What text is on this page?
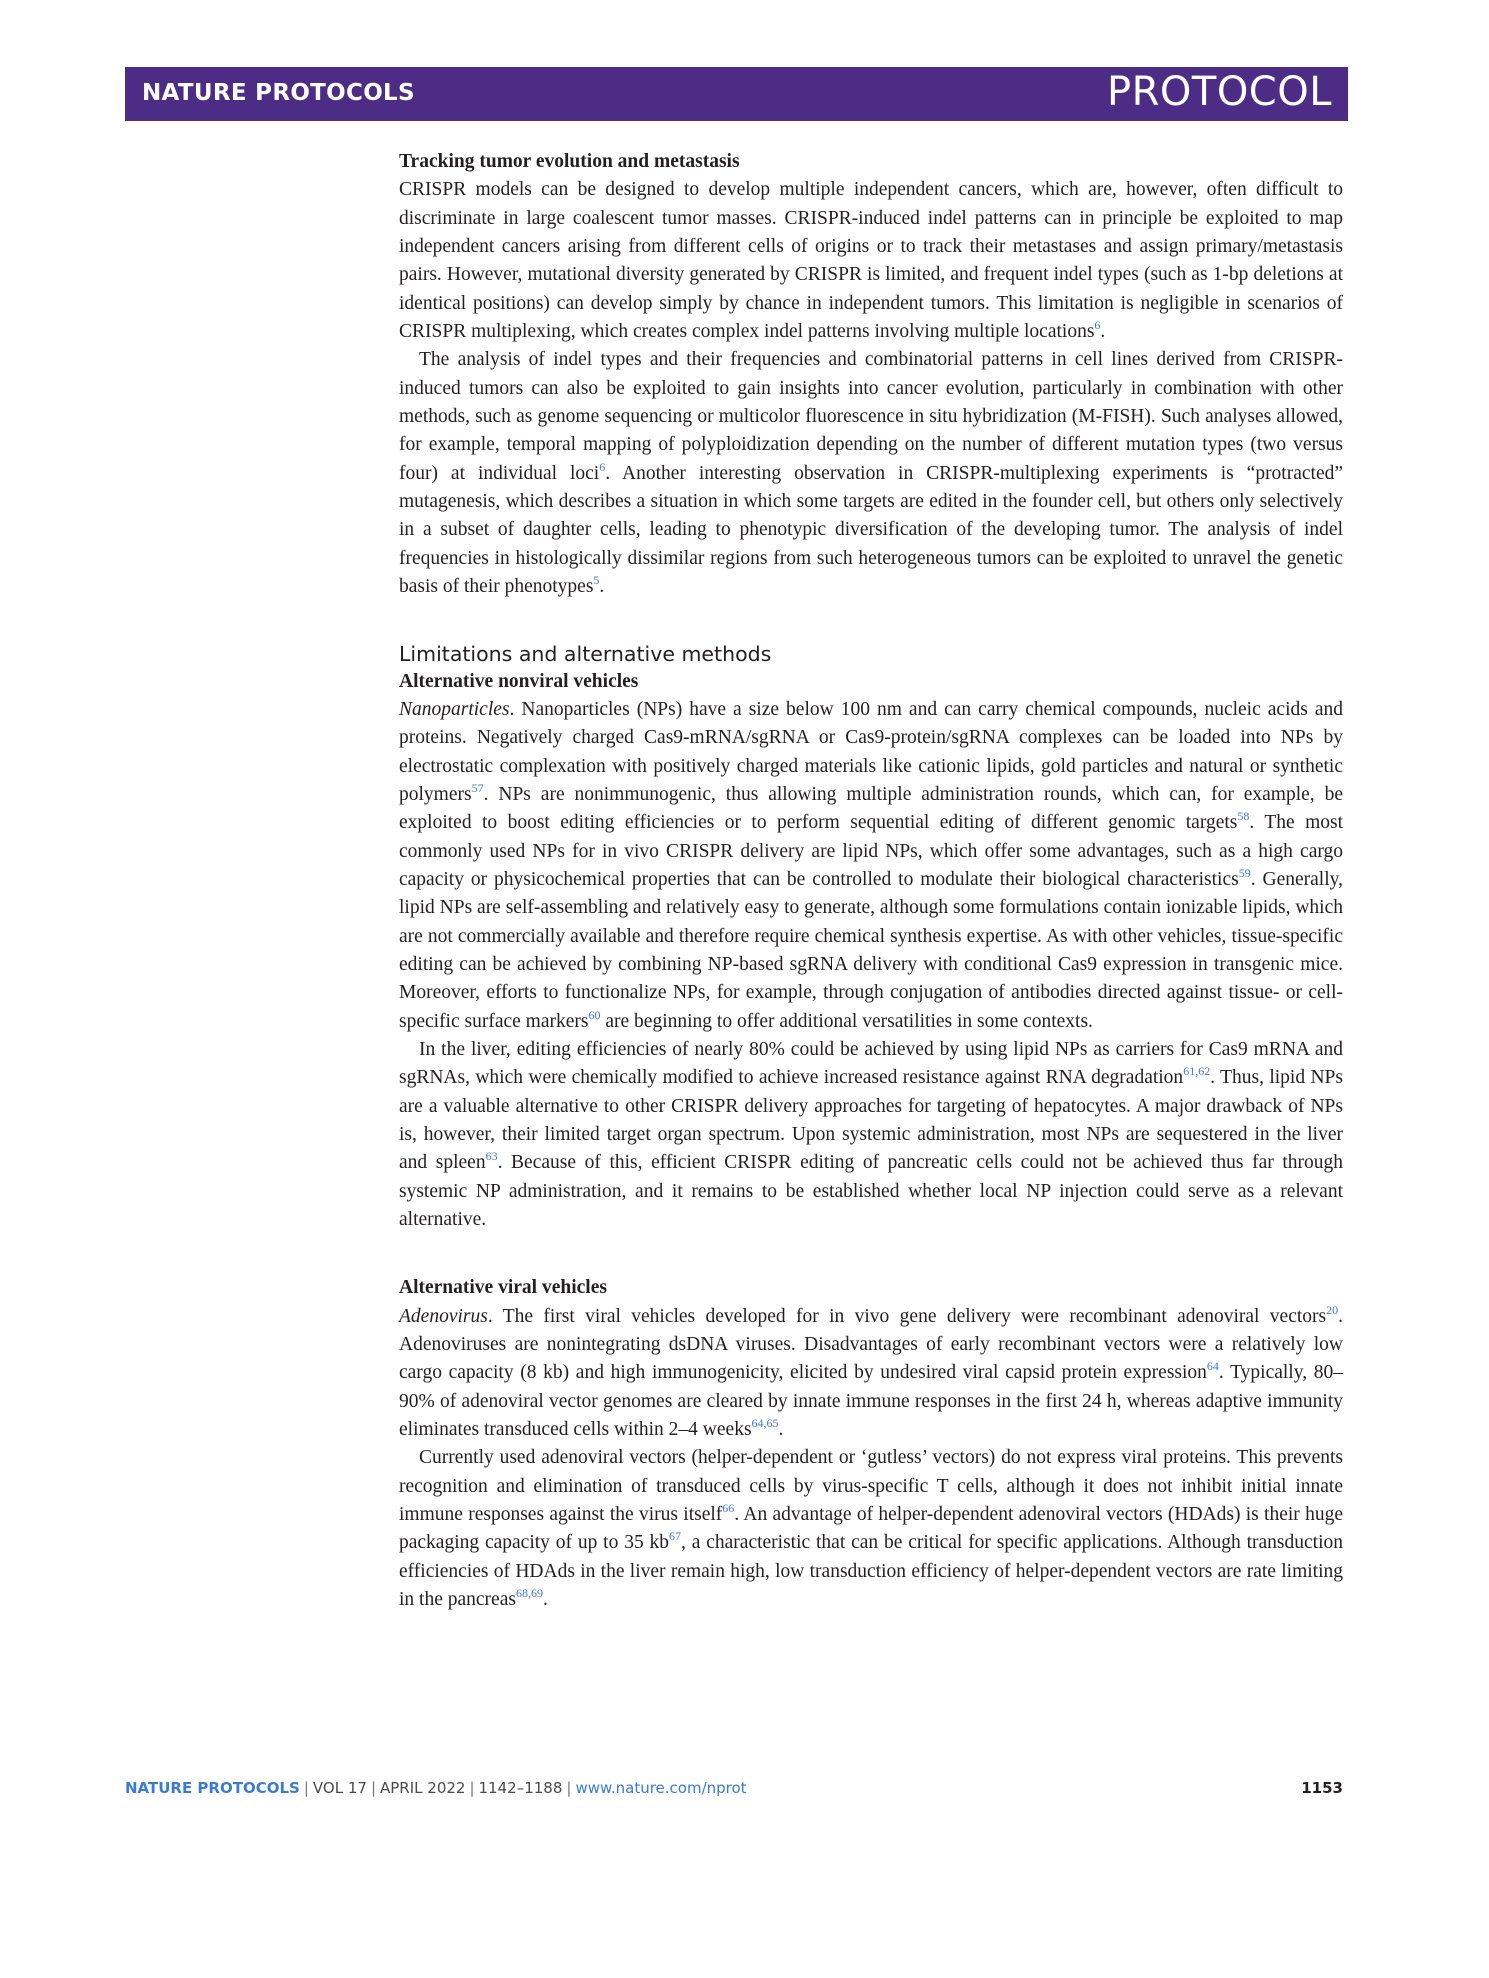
NATURE PROTOCOLS	PROTOCOL

Tracking tumor evolution and metastasis

CRISPR models can be designed to develop multiple independent cancers, which are, however, often difficult to discriminate in large coalescent tumor masses. CRISPR-induced indel patterns can in principle be exploited to map independent cancers arising from different cells of origins or to track their metastases and assign primary/metastasis pairs. However, mutational diversity generated by CRISPR is limited, and frequent indel types (such as 1-bp deletions at identical positions) can develop simply by chance in independent tumors. This limitation is negligible in scenarios of CRISPR multiplexing, which creates complex indel patterns involving multiple locations$^6$.

The analysis of indel types and their frequencies and combinatorial patterns in cell lines derived from CRISPR-induced tumors can also be exploited to gain insights into cancer evolution, particularly in combination with other methods, such as genome sequencing or multicolor fluorescence in situ hybridization (M-FISH). Such analyses allowed, for example, temporal mapping of polyploidization depending on the number of different mutation types (two versus four) at individual loci$^6$. Another interesting observation in CRISPR-multiplexing experiments is “protracted” mutagenesis, which describes a situation in which some targets are edited in the founder cell, but others only selectively in a subset of daughter cells, leading to phenotypic diversification of the developing tumor. The analysis of indel frequencies in histologically dissimilar regions from such heterogeneous tumors can be exploited to unravel the genetic basis of their phenotypes$^5$.

Limitations and alternative methods

Alternative nonviral vehicles

Nanoparticles. Nanoparticles (NPs) have a size below 100 nm and can carry chemical compounds, nucleic acids and proteins. Negatively charged Cas9-mRNA/sgRNA or Cas9-protein/sgRNA complexes can be loaded into NPs by electrostatic complexation with positively charged materials like cationic lipids, gold particles and natural or synthetic polymers$^{57}$. NPs are nonimmunogenic, thus allowing multiple administration rounds, which can, for example, be exploited to boost editing efficiencies or to perform sequential editing of different genomic targets$^{58}$. The most commonly used NPs for in vivo CRISPR delivery are lipid NPs, which offer some advantages, such as a high cargo capacity or physicochemical properties that can be controlled to modulate their biological characteristics$^{59}$. Generally, lipid NPs are self-assembling and relatively easy to generate, although some formulations contain ionizable lipids, which are not commercially available and therefore require chemical synthesis expertise. As with other vehicles, tissue-specific editing can be achieved by combining NP-based sgRNA delivery with conditional Cas9 expression in transgenic mice. Moreover, efforts to functionalize NPs, for example, through conjugation of antibodies directed against tissue- or cell-specific surface markers$^{60}$ are beginning to offer additional versatilities in some contexts.

In the liver, editing efficiencies of nearly 80% could be achieved by using lipid NPs as carriers for Cas9 mRNA and sgRNAs, which were chemically modified to achieve increased resistance against RNA degradation$^{61,62}$. Thus, lipid NPs are a valuable alternative to other CRISPR delivery approaches for targeting of hepatocytes. A major drawback of NPs is, however, their limited target organ spectrum. Upon systemic administration, most NPs are sequestered in the liver and spleen$^{63}$. Because of this, efficient CRISPR editing of pancreatic cells could not be achieved thus far through systemic NP administration, and it remains to be established whether local NP injection could serve as a relevant alternative.

Alternative viral vehicles

Adenovirus. The first viral vehicles developed for in vivo gene delivery were recombinant adenoviral vectors$^{20}$. Adenoviruses are nonintegrating dsDNA viruses. Disadvantages of early recombinant vectors were a relatively low cargo capacity (8 kb) and high immunogenicity, elicited by undesired viral capsid protein expression$^{64}$. Typically, 80–90% of adenoviral vector genomes are cleared by innate immune responses in the first 24 h, whereas adaptive immunity eliminates transduced cells within 2–4 weeks$^{64,65}$.

Currently used adenoviral vectors (helper-dependent or ‘gutless’ vectors) do not express viral proteins. This prevents recognition and elimination of transduced cells by virus-specific T cells, although it does not inhibit initial innate immune responses against the virus itself$^{66}$. An advantage of helper-dependent adenoviral vectors (HDAds) is their huge packaging capacity of up to 35 kb$^{67}$, a characteristic that can be critical for specific applications. Although transduction efficiencies of HDAds in the liver remain high, low transduction efficiency of helper-dependent vectors are rate limiting in the pancreas$^{68,69}$.

NATURE PROTOCOLS | VOL 17 | APRIL 2022 | 1142–1188 | www.nature.com/nprot	1153
